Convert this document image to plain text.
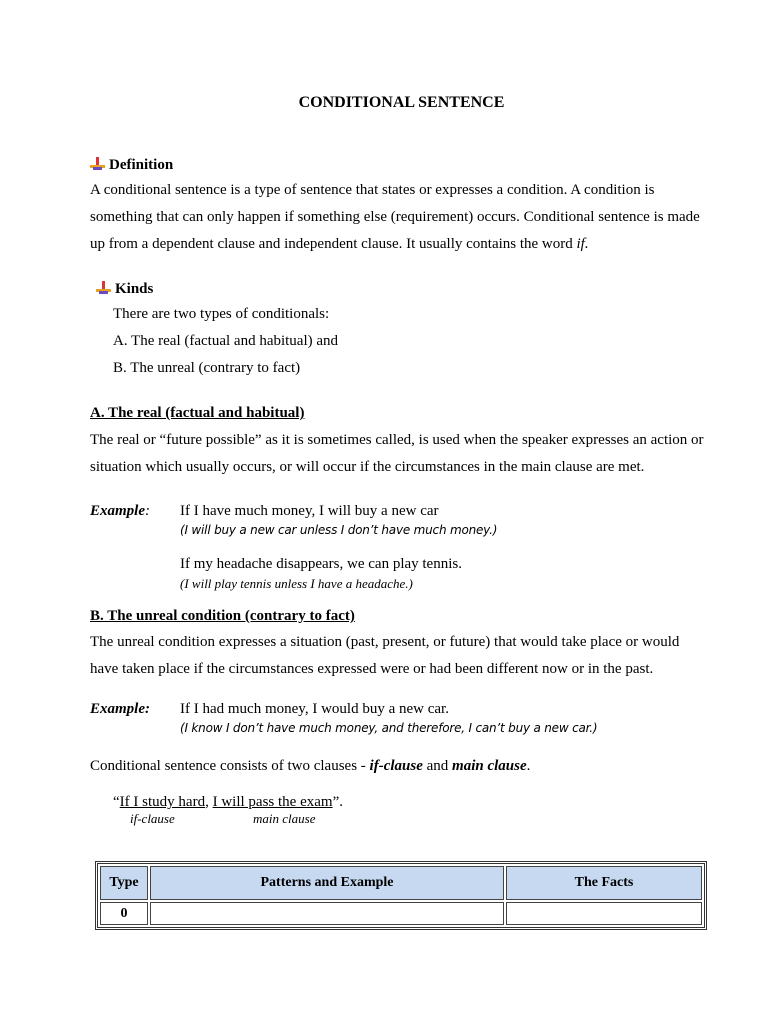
CONDITIONAL SENTENCE
Definition
A conditional sentence is a type of sentence that states or expresses a condition. A condition is
something that can only happen if something else (requirement) occurs. Conditional sentence is made
up from a dependent clause and independent clause. It usually contains the word if.
Kinds
There are two types of conditionals:
A. The real (factual and habitual) and
B. The unreal (contrary to fact)
A. The real (factual and habitual)
The real or “future possible” as it is sometimes called, is used when the speaker expresses an action or
situation which usually occurs, or will occur if the circumstances in the main clause are met.
Example: If I have much money, I will buy a new car
(I will buy a new car unless I don’t have much money.)
If my headache disappears, we can play tennis.
(I will play tennis unless I have a headache.)
B. The unreal condition (contrary to fact)
The unreal condition expresses a situation (past, present, or future) that would take place or would
have taken place if the circumstances expressed were or had been different now or in the past.
Example: If I had much money, I would buy a new car.
(I know I don’t have much money, and therefore, I can’t buy a new car.)
Conditional sentence consists of two clauses - if-clause and main clause.
“If I study hard, I will pass the exam”.
if-clause	main clause
Type	Patterns and Example	The Facts
0		
